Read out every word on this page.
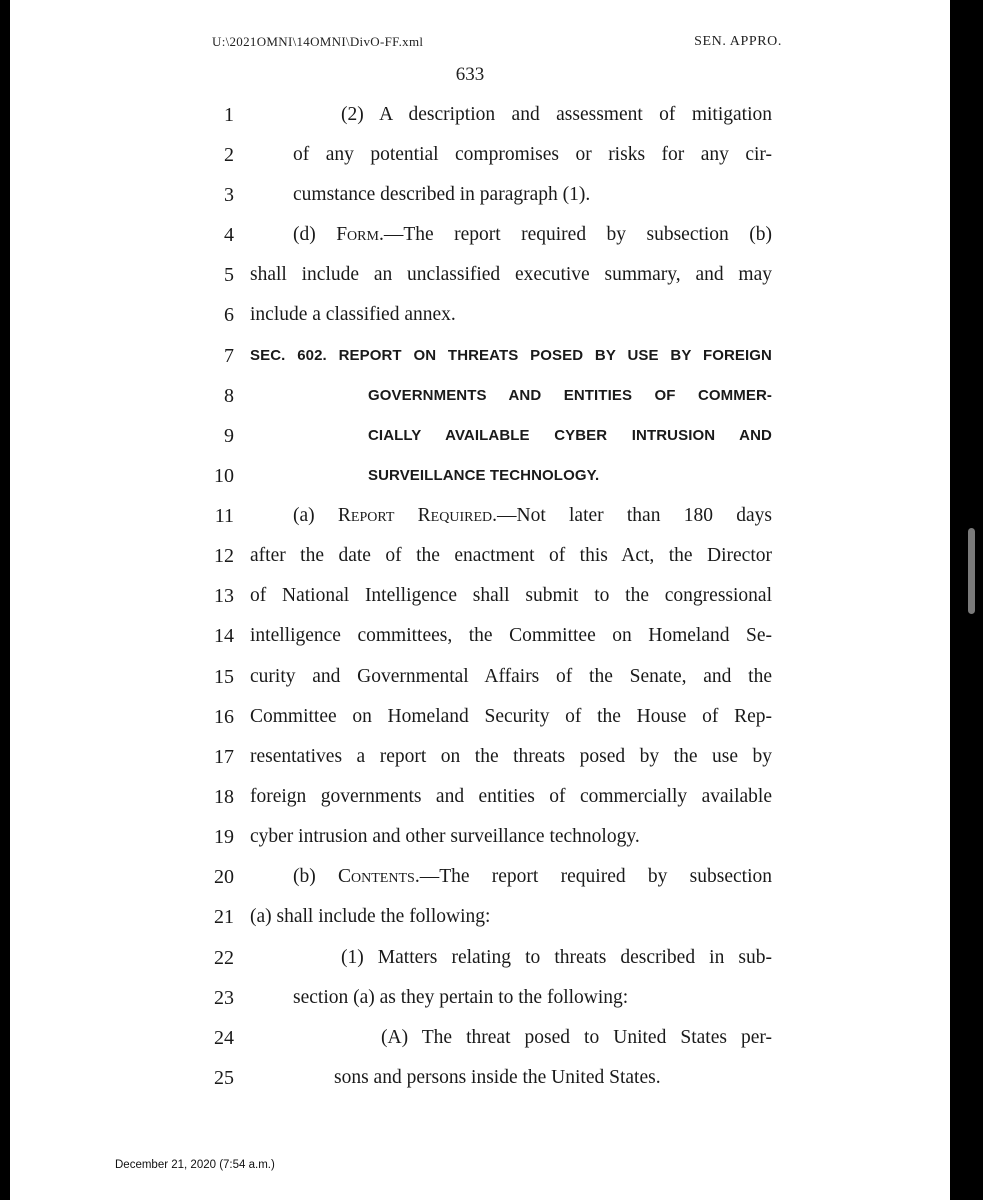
U:\2021OMNI\14OMNI\DivO-FF.xml	SEN. APPRO.
633
1	(2) A description and assessment of mitigation
2	of any potential compromises or risks for any cir-
3	cumstance described in paragraph (1).
4	(d) Form.—The report required by subsection (b)
5 shall include an unclassified executive summary, and may
6 include a classified annex.
7 SEC. 602. REPORT ON THREATS POSED BY USE BY FOREIGN
8	GOVERNMENTS AND ENTITIES OF COMMER-
9	CIALLY AVAILABLE CYBER INTRUSION AND
10	SURVEILLANCE TECHNOLOGY.
11	(a) Report Required.—Not later than 180 days
12 after the date of the enactment of this Act, the Director
13 of National Intelligence shall submit to the congressional
14 intelligence committees, the Committee on Homeland Se-
15 curity and Governmental Affairs of the Senate, and the
16 Committee on Homeland Security of the House of Rep-
17 resentatives a report on the threats posed by the use by
18 foreign governments and entities of commercially available
19 cyber intrusion and other surveillance technology.
20	(b) Contents.—The report required by subsection
21 (a) shall include the following:
22	(1) Matters relating to threats described in sub-
23	section (a) as they pertain to the following:
24	(A) The threat posed to United States per-
25	sons and persons inside the United States.
December 21, 2020 (7:54 a.m.)
